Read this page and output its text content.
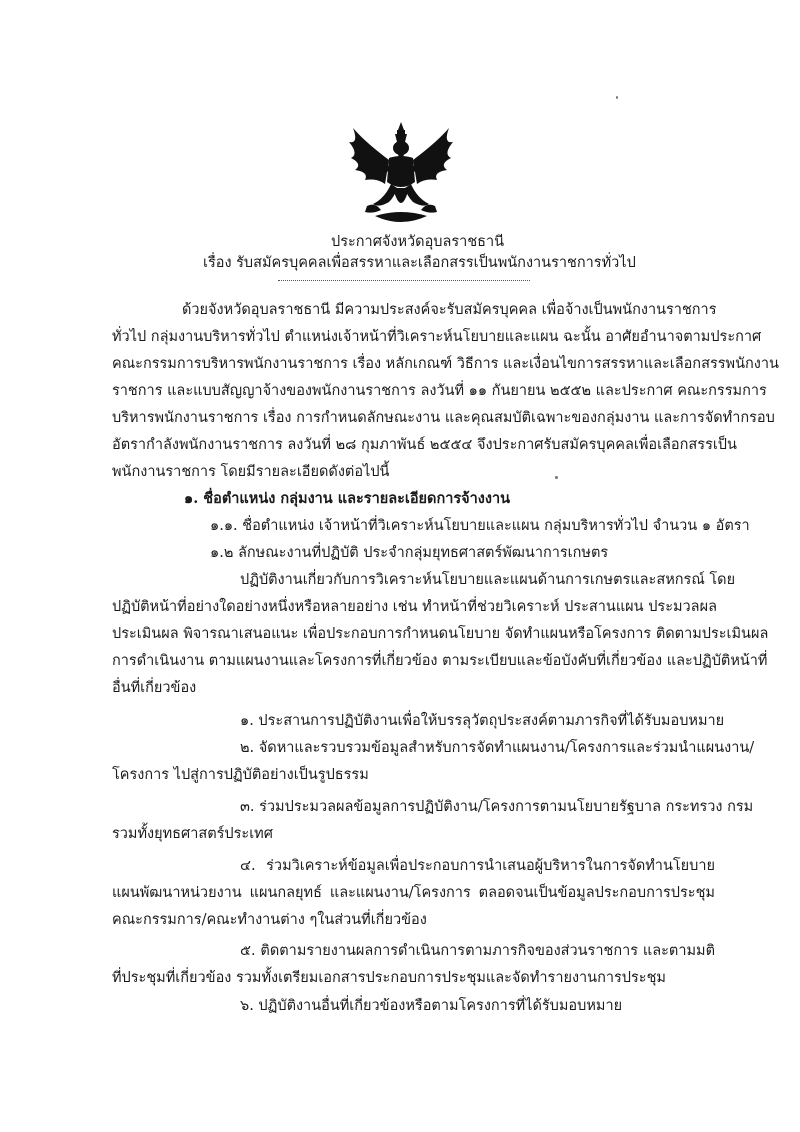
ประกาศจังหวัดอุบลราชธานี
เรื่อง รับสมัครบุคคลเพื่อสรรหาและเลือกสรรเป็นพนักงานราชการทั่วไป
ด้วยจังหวัดอุบลราชธานี มีความประสงค์จะรับสมัครบุคคล เพื่อจ้างเป็นพนักงานราชการ
ทั่วไป กลุ่มงานบริหารทั่วไป ตำแหน่งเจ้าหน้าที่วิเคราะห์นโยบายและแผน ฉะนั้น อาศัยอำนาจตามประกาศ
คณะกรรมการบริหารพนักงานราชการ เรื่อง หลักเกณฑ์ วิธีการ และเงื่อนไขการสรรหาและเลือกสรรพนักงาน
ราชการ และแบบสัญญาจ้างของพนักงานราชการ ลงวันที่ ๑๑ กันยายน ๒๕๕๒ และประกาศ คณะกรรมการ
บริหารพนักงานราชการ เรื่อง การกำหนดลักษณะงาน และคุณสมบัติเฉพาะของกลุ่มงาน และการจัดทำกรอบ
อัตรากำลังพนักงานราชการ ลงวันที่ ๒๘ กุมภาพันธ์ ๒๕๕๔ จึงประกาศรับสมัครบุคคลเพื่อเลือกสรรเป็น
พนักงานราชการ โดยมีรายละเอียดดังต่อไปนี้
๑. ชื่อตำแหน่ง กลุ่มงาน และรายละเอียดการจ้างงาน
๑.๑. ชื่อตำแหน่ง เจ้าหน้าที่วิเคราะห์นโยบายและแผน กลุ่มบริหารทั่วไป จำนวน ๑ อัตรา
๑.๒ ลักษณะงานที่ปฏิบัติ ประจำกลุ่มยุทธศาสตร์พัฒนาการเกษตร
ปฏิบัติงานเกี่ยวกับการวิเคราะห์นโยบายและแผนด้านการเกษตรและสหกรณ์ โดย
ปฏิบัติหน้าที่อย่างใดอย่างหนึ่งหรือหลายอย่าง เช่น ทำหน้าที่ช่วยวิเคราะห์ ประสานแผน ประมวลผล
ประเมินผล พิจารณาเสนอแนะ เพื่อประกอบการกำหนดนโยบาย จัดทำแผนหรือโครงการ ติดตามประเมินผล
การดำเนินงาน ตามแผนงานและโครงการที่เกี่ยวข้อง ตามระเบียบและข้อบังคับที่เกี่ยวข้อง และปฏิบัติหน้าที่
อื่นที่เกี่ยวข้อง
๑. ประสานการปฏิบัติงานเพื่อให้บรรลุวัตถุประสงค์ตามภารกิจที่ได้รับมอบหมาย
๒. จัดหาและรวบรวมข้อมูลสำหรับการจัดทำแผนงาน/โครงการและร่วมนำแผนงาน/
โครงการ ไปสู่การปฏิบัติอย่างเป็นรูปธรรม
๓. ร่วมประมวลผลข้อมูลการปฏิบัติงาน/โครงการตามนโยบายรัฐบาล กระทรวง กรม
รวมทั้งยุทธศาสตร์ประเทศ
๔. ร่วมวิเคราะห์ข้อมูลเพื่อประกอบการนำเสนอผู้บริหารในการจัดทำนโยบาย
แผนพัฒนาหน่วยงาน แผนกลยุทธ์ และแผนงาน/โครงการ ตลอดจนเป็นข้อมูลประกอบการประชุม
คณะกรรมการ/คณะทำงานต่าง ๆในส่วนที่เกี่ยวข้อง
๕. ติดตามรายงานผลการดำเนินการตามภารกิจของส่วนราชการ และตามมติ
ที่ประชุมที่เกี่ยวข้อง รวมทั้งเตรียมเอกสารประกอบการประชุมและจัดทำรายงานการประชุม
๖. ปฏิบัติงานอื่นที่เกี่ยวข้องหรือตามโครงการที่ได้รับมอบหมาย
